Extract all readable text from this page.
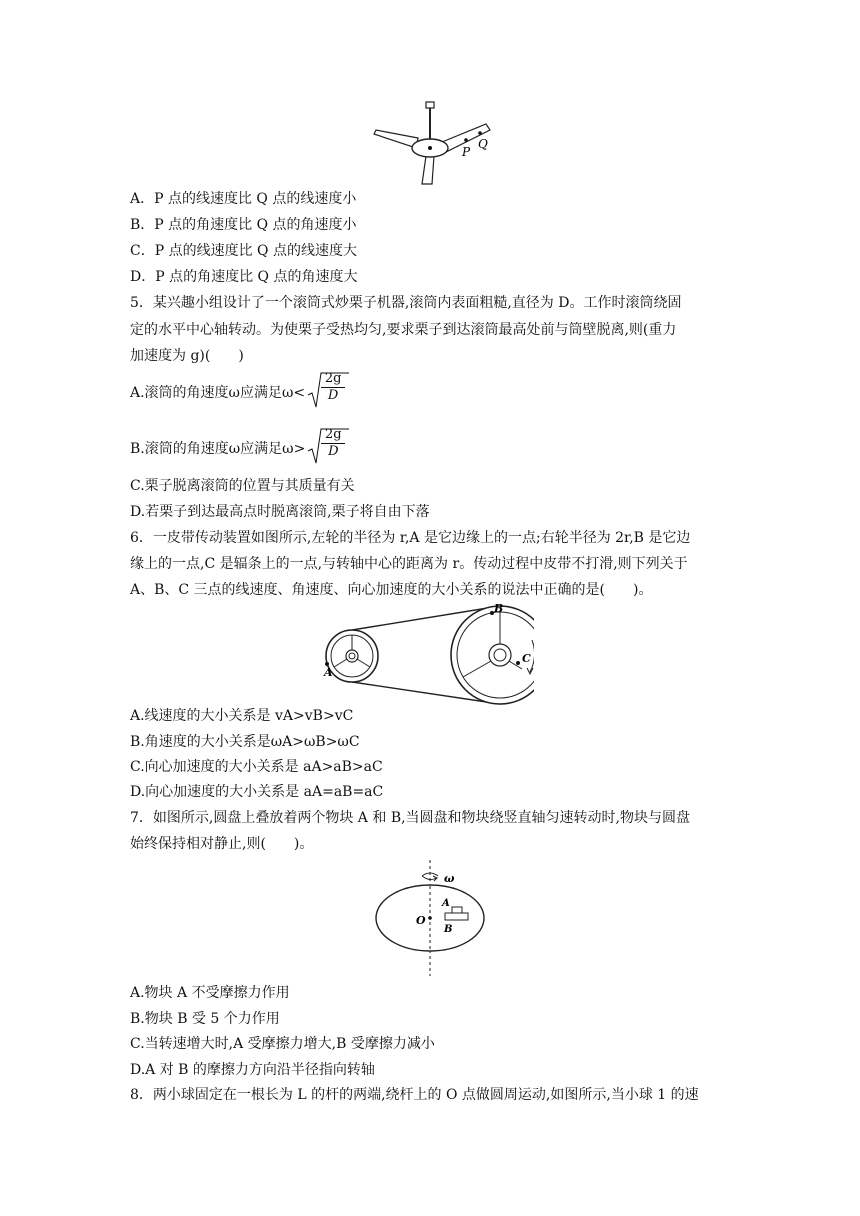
P
Q
A．P 点的线速度比 Q 点的线速度小
B．P 点的角速度比 Q 点的角速度小
C．P 点的线速度比 Q 点的线速度大
D．P 点的角速度比 Q 点的角速度大
5．某兴趣小组设计了一个滚筒式炒栗子机器,滚筒内表面粗糙,直径为 D。工作时滚筒绕固
定的水平中心轴转动。为使栗子受热均匀,要求栗子到达滚筒最高处前与筒壁脱离,则(重力
加速度为 g)(　　)
A.滚筒的角速度ω应满足$\omega< \frac{2g}{D}$
B.滚筒的角速度ω应满足$\omega> \frac{2g}{D}$
C.栗子脱离滚筒的位置与其质量有关
D.若栗子到达最高点时脱离滚筒,栗子将自由下落
6．一皮带传动装置如图所示,左轮的半径为 r,A 是它边缘上的一点;右轮半径为 2r,B 是它边
缘上的一点,C 是辐条上的一点,与转轴中心的距离为 r。传动过程中皮带不打滑,则下列关于
A、B、C 三点的线速度、角速度、向心加速度的大小关系的说法中正确的是(　　)。
A
B
C
A.线速度的大小关系是 vA>vB>vC
B.角速度的大小关系是ωA>ωB>ωC
C.向心加速度的大小关系是 aA>aB>aC
D.向心加速度的大小关系是 aA=aB=aC
7．如图所示,圆盘上叠放着两个物块 A 和 B,当圆盘和物块绕竖直轴匀速转动时,物块与圆盘
始终保持相对静止,则(　　)。
ω
O
A
B
A.物块 A 不受摩擦力作用
B.物块 B 受 5 个力作用
C.当转速增大时,A 受摩擦力增大,B 受摩擦力减小
D.A 对 B 的摩擦力方向沿半径指向转轴
8．两小球固定在一根长为 L 的杆的两端,绕杆上的 O 点做圆周运动,如图所示,当小球 1 的速
